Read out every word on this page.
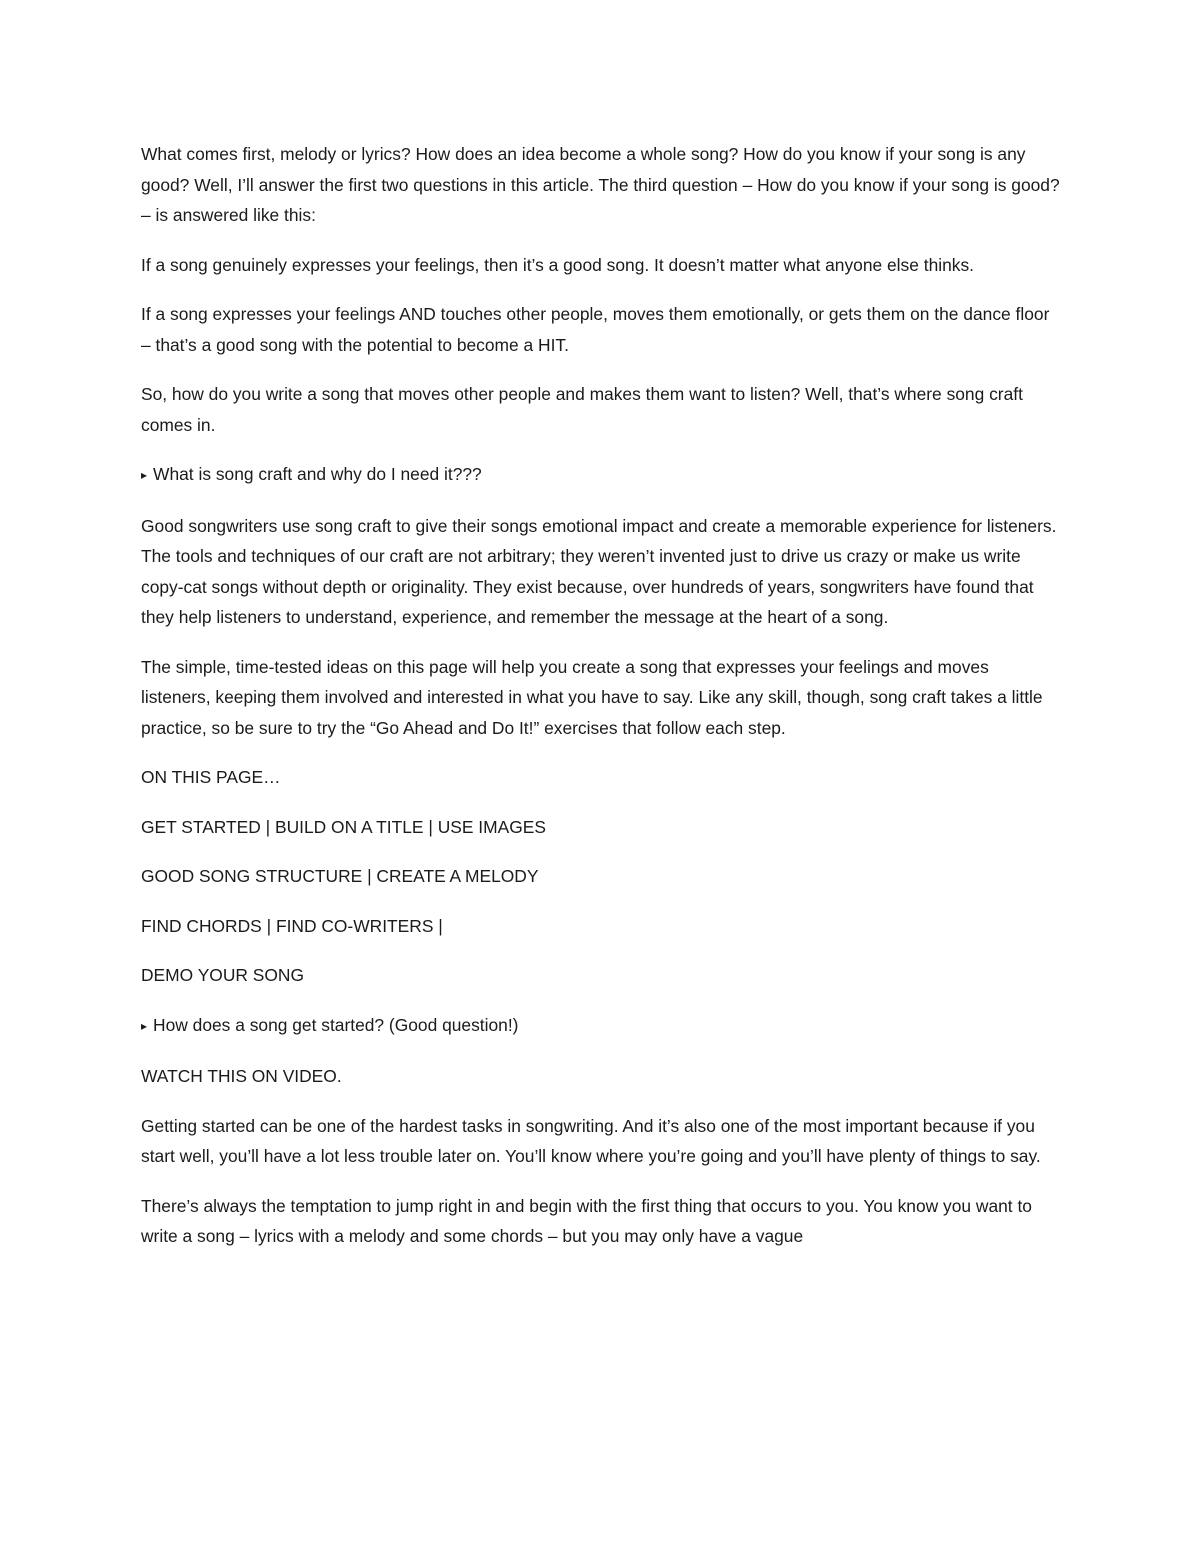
What comes first, melody or lyrics? How does an idea become a whole song? How do you know if your song is any good? Well, I’ll answer the first two questions in this article. The third question – How do you know if your song is good? – is answered like this:

If a song genuinely expresses your feelings, then it’s a good song. It doesn’t matter what anyone else thinks.

If a song expresses your feelings AND touches other people, moves them emotionally, or gets them on the dance floor – that’s a good song with the potential to become a HIT.

So, how do you write a song that moves other people and makes them want to listen? Well, that’s where song craft comes in.

▸ What is song craft and why do I need it???

Good songwriters use song craft to give their songs emotional impact and create a memorable experience for listeners. The tools and techniques of our craft are not arbitrary; they weren’t invented just to drive us crazy or make us write copy-cat songs without depth or originality. They exist because, over hundreds of years, songwriters have found that they help listeners to understand, experience, and remember the message at the heart of a song.

The simple, time-tested ideas on this page will help you create a song that expresses your feelings and moves listeners, keeping them involved and interested in what you have to say. Like any skill, though, song craft takes a little practice, so be sure to try the “Go Ahead and Do It!” exercises that follow each step.

ON THIS PAGE…

GET STARTED | BUILD ON A TITLE | USE IMAGES

GOOD SONG STRUCTURE | CREATE A MELODY

FIND CHORDS | FIND CO-WRITERS |

DEMO YOUR SONG

▸ How does a song get started? (Good question!)

WATCH THIS ON VIDEO.

Getting started can be one of the hardest tasks in songwriting. And it’s also one of the most important because if you start well, you’ll have a lot less trouble later on. You’ll know where you’re going and you’ll have plenty of things to say.

There’s always the temptation to jump right in and begin with the first thing that occurs to you. You know you want to write a song – lyrics with a melody and some chords – but you may only have a vague
